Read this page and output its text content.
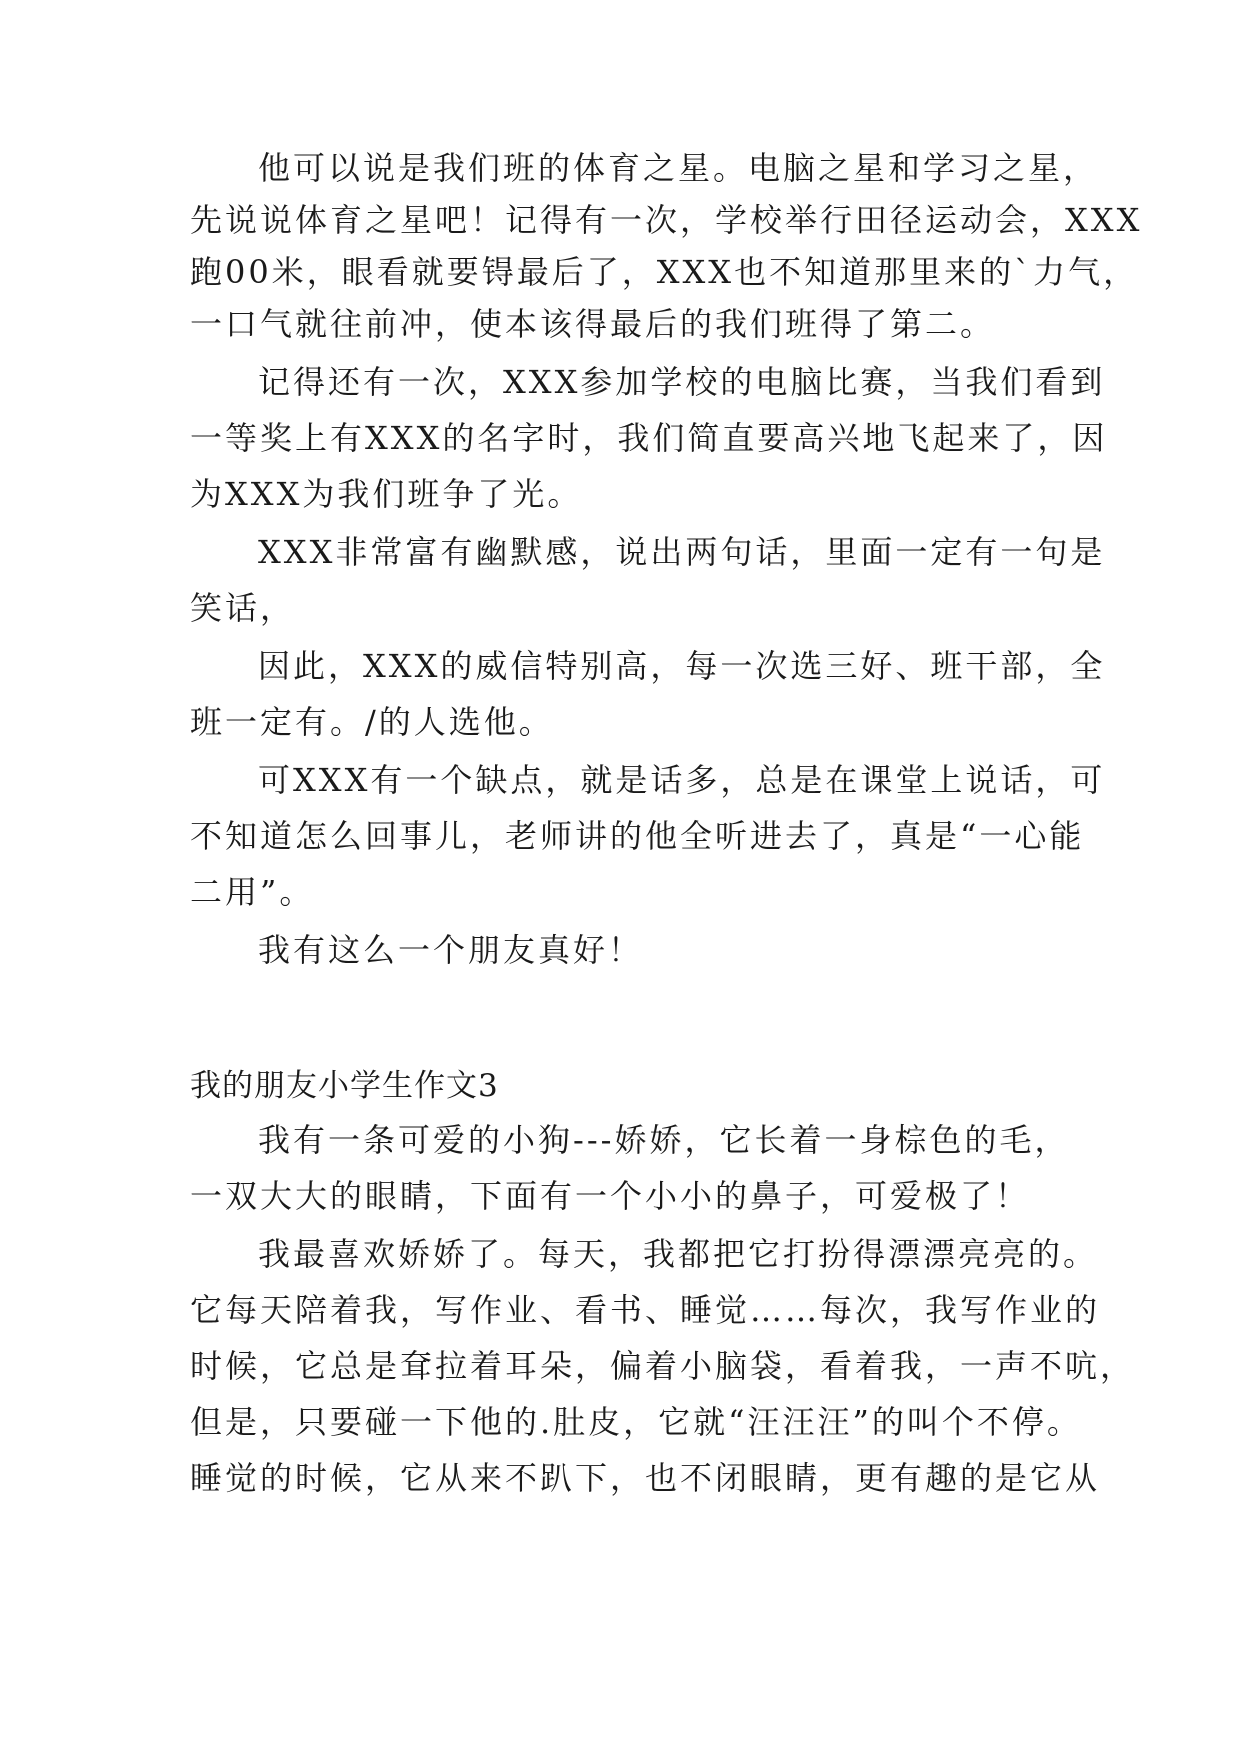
他可以说是我们班的体育之星。电脑之星和学习之星，
先说说体育之星吧！记得有一次，学校举行田径运动会，XXX
跑00米，眼看就要锝最后了，XXX也不知道那里来的`力气，
一口气就往前冲，使本该得最后的我们班得了第二。
记得还有一次，XXX参加学校的电脑比赛，当我们看到
一等奖上有XXX的名字时，我们简直要高兴地飞起来了，因
为XXX为我们班争了光。
XXX非常富有幽默感，说出两句话，里面一定有一句是
笑话，
因此，XXX的威信特别高，每一次选三好、班干部，全
班一定有。/的人选他。
可XXX有一个缺点，就是话多，总是在课堂上说话，可
不知道怎么回事儿，老师讲的他全听进去了，真是“一心能
二用”。
我有这么一个朋友真好！
我的朋友小学生作文3
我有一条可爱的小狗---娇娇，它长着一身棕色的毛，
一双大大的眼睛，下面有一个小小的鼻子，可爱极了！
我最喜欢娇娇了。每天，我都把它打扮得漂漂亮亮的。
它每天陪着我，写作业、看书、睡觉……每次，我写作业的
时候，它总是耷拉着耳朵，偏着小脑袋，看着我，一声不吭，
但是，只要碰一下他的.肚皮，它就“汪汪汪”的叫个不停。
睡觉的时候，它从来不趴下，也不闭眼睛，更有趣的是它从
